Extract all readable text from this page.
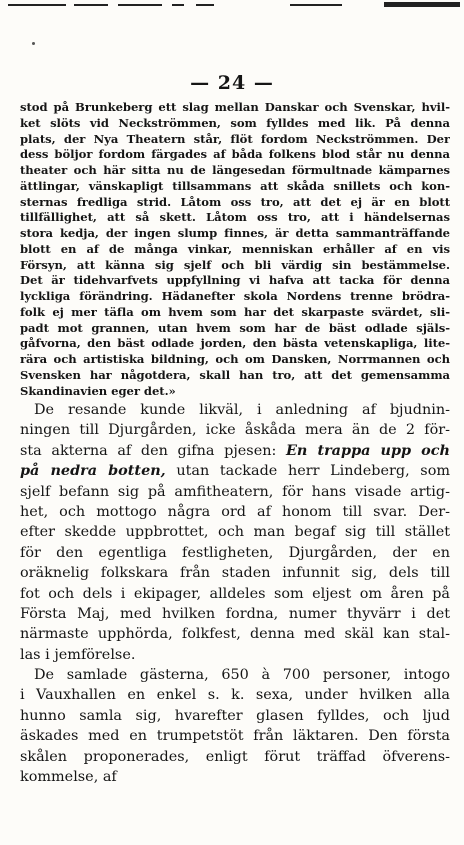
— 24 —
stod på Brunkeberg ett slag mellan Danskar och Svenskar, hvil-
ket slöts vid Neckströmmen, som fylldes med lik. På denna
plats, der Nya Theatern står, flöt fordom Neckströmmen. Der
dess böljor fordom färgades af båda folkens blod står nu denna
theater och här sitta nu de längesedan förmultnade kämparnes
ättlingar, vänskapligt tillsammans att skåda snillets och kon-
sternas fredliga strid. Låtom oss tro, att det ej är en blott
tillfällighet, att så skett. Låtom oss tro, att i händelsernas
stora kedja, der ingen slump finnes, är detta sammanträffande
blott en af de många vinkar, menniskan erhåller af en vis
Försyn, att känna sig sjelf och bli värdig sin bestämmelse.
Det är tidehvarfvets uppfyllning vi hafva att tacka för denna
lyckliga förändring. Hädanefter skola Nordens trenne brödra-
folk ej mer täfla om hvem som har det skarpaste svärdet, sli-
padt mot grannen, utan hvem som har de bäst odlade själs-
gåfvorna, den bäst odlade jorden, den bästa vetenskapliga, lite-
rära och artistiska bildning, och om Dansken, Norrmannen och
Svensken har någotdera, skall han tro, att det gemensamma
Skandinavien eger det.»
De resande kunde likväl, i anledning af bjudnin-
ningen till Djurgården, icke åskåda mera än de 2 för-
sta akterna af den gifna pjesen: En trappa upp och
på nedra botten, utan tackade herr Lindeberg, som
sjelf befann sig på amfitheatern, för hans visade artig-
het, och mottogo några ord af honom till svar. Der-
efter skedde uppbrottet, och man begaf sig till stället
för den egentliga festligheten, Djurgården, der en
oräknelig folkskara från staden infunnit sig, dels till
fot och dels i ekipager, alldeles som eljest om åren på
Första Maj, med hvilken fordna, numer thyvärr i det
närmaste upphörda, folkfest, denna med skäl kan stal-
las i jemförelse.
De samlade gästerna, 650 à 700 personer, intogo
i Vauxhallen en enkel s. k. sexa, under hvilken alla
hunno samla sig, hvarefter glasen fylldes, och ljud
äskades med en trumpetstöt från läktaren. Den första
skålen proponerades, enligt förut träffad öfverens-
kommelse, af
